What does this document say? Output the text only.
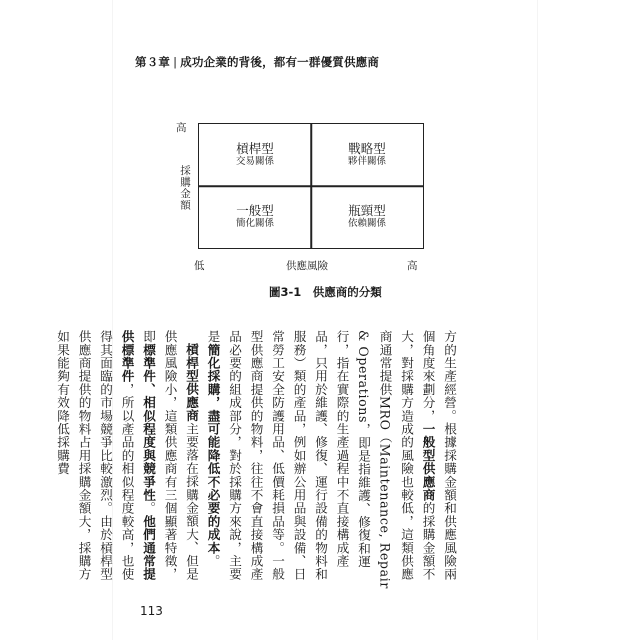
第３章 | 成功企業的背後，都有一群優質供應商
高
採購金額
槓桿型
交易關係
戰略型
夥伴關係
一般型
簡化關係
瓶頸型
依賴關係
低	供應風險	高
圖3-1　供應商的分類

方的生產經營。根據採購金額和供應風險兩個角度來劃分，一般型供應商的採購金額不大，對採購方造成的風險也較低，這類供應商通常提供MRO（Maintenance, Repair & Operations，即是指維護、修復和運行，指在實際的生產過程中不直接構成產品，只用於維護、修復、運行設備的物料和服務）類的產品，例如辦公用品與設備、日常勞工安全防護用品、低價耗損品等。一般型供應商提供的物料，往往不會直接構成產品必要的組成部分，對於採購方來說，主要是簡化採購，盡可能降低不必要的成本。

槓桿型供應商主要落在採購金額大、但是供應風險小，這類供應商有三個顯著特徵，即標準件、相似程度與競爭性。他們通常提供標準件，所以產品的相似程度較高，也使得其面臨的市場競爭比較激烈。由於槓桿型供應商提供的物料占用採購金額大，採購方如果能夠有效降低採購費

113
